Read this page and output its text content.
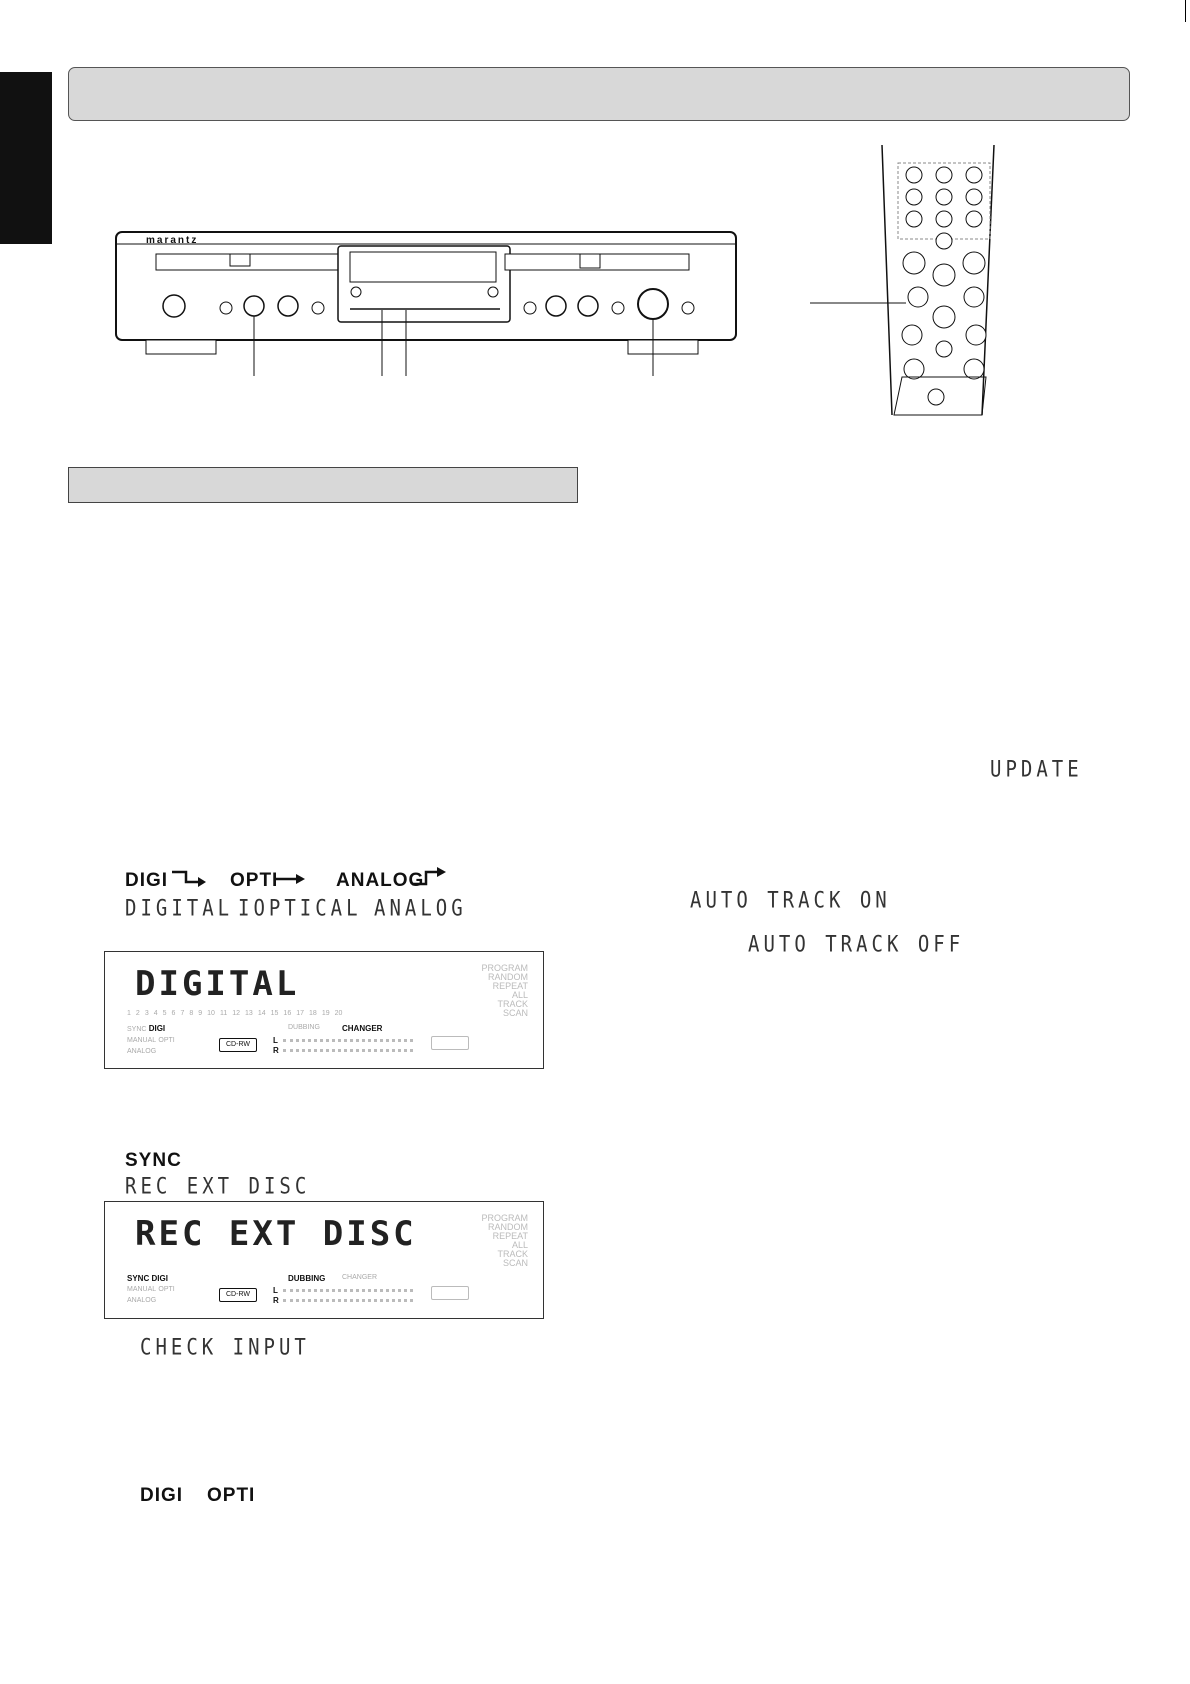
marantz
UPDATE
DIGI	OPTI	ANALOG
DIGITAL IOPTICAL ANALOG	AUTO TRACK ON
AUTO TRACK OFF
DIGITAL	PROGRAM
RANDOM
REPEAT
ALL
TRACK
SCAN
1 2 3 4 5 6 7 8 9 10 11 12 13 14 15 16 17 18 19 20
SYNC DIGI
MANUAL OPTI
ANALOG
CD-RW
DUBBING	CHANGER
L
R
SYNC
REC EXT DISC
REC EXT DISC	PROGRAM
RANDOM
REPEAT
ALL
TRACK
SCAN
SYNC DIGI
MANUAL OPTI
ANALOG
CD-RW
DUBBING CHANGER
L
R
CHECK INPUT
DIGI OPTI
